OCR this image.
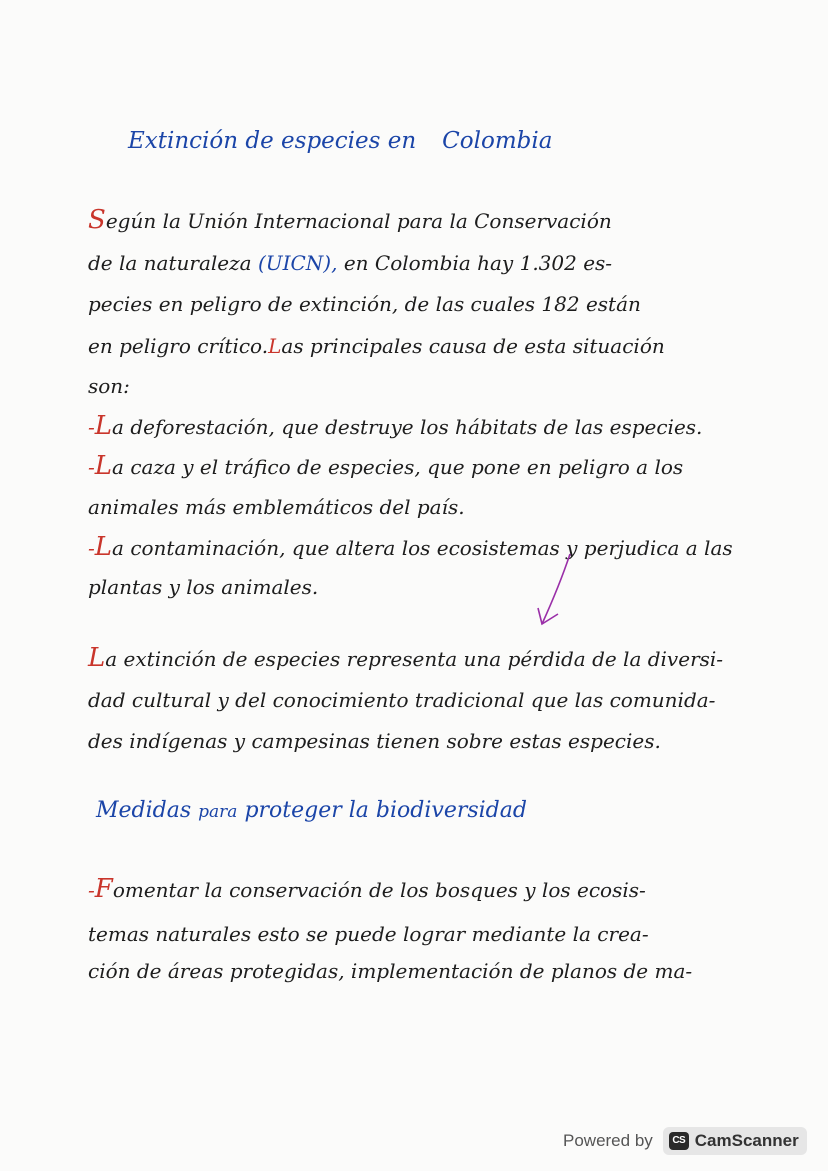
Extinción de especies en Colombia
Según la Unión Internacional para la Conservación
de la naturaleza (UICN), en Colombia hay 1.302 es-
pecies en peligro de extinción, de las cuales 182 están
en peligro crítico.Las principales causa de esta situación
son:
-La deforestación, que destruye los hábitats de las especies.
-La caza y el tráfico de especies, que pone en peligro a los
animales más emblemáticos del país.
-La contaminación, que altera los ecosistemas y perjudica a las
plantas y los animales.
La extinción de especies representa una pérdida de la diversi-
dad cultural y del conocimiento tradicional que las comunida-
des indígenas y campesinas tienen sobre estas especies.
Medidas para proteger la biodiversidad
-Fomentar la conservación de los bosques y los ecosis-
temas naturales esto se puede lograr mediante la crea-
ción de áreas protegidas, implementación de planos de ma-
Powered by	CS CamScanner
